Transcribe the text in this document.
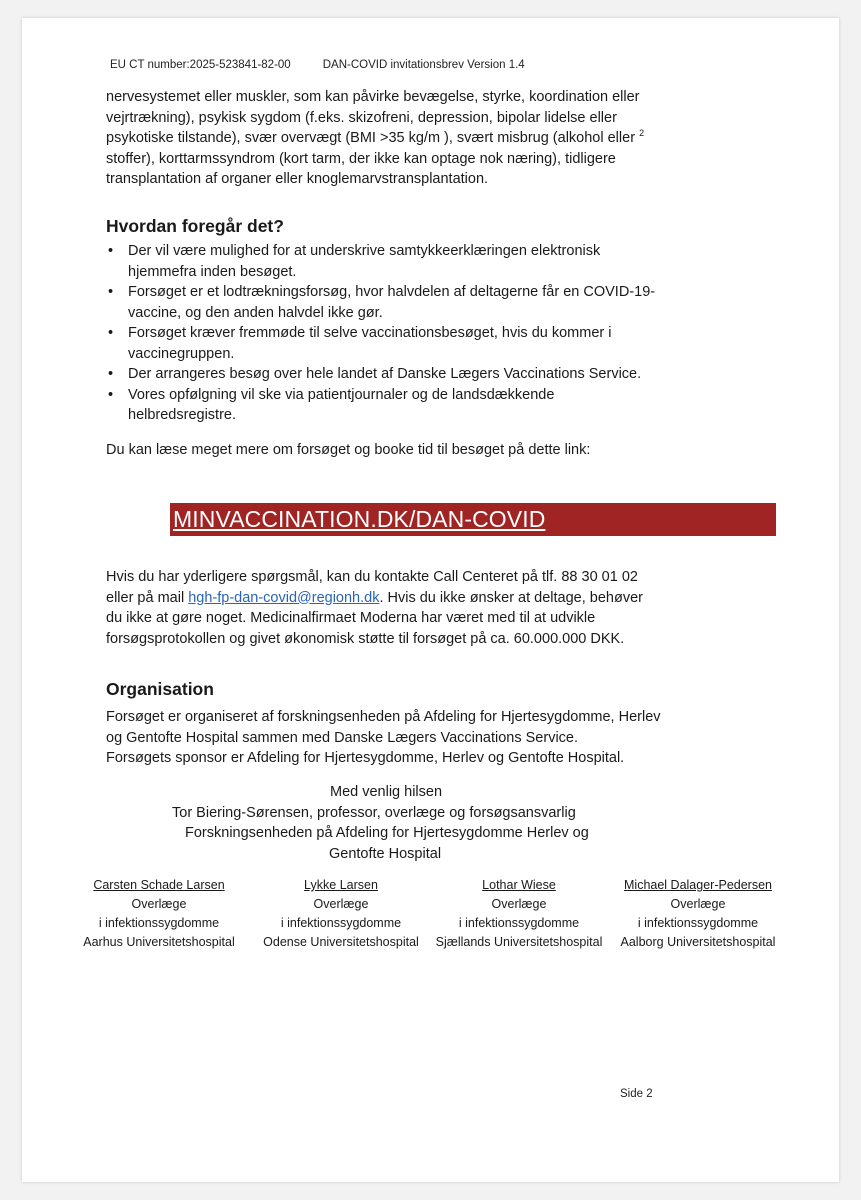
EU CT number:2025-523841-82-00	DAN-COVID invitationsbrev Version 1.4
nervesystemet eller muskler, som kan påvirke bevægelse, styrke, koordination eller
vejrtrækning), psykisk sygdom (f.eks. skizofreni, depression, bipolar lidelse eller
psykotiske tilstande), svær overvægt (BMI >35 kg/m ), svært misbrug (alkohol eller $^2$
stoffer), korttarmssyndrom (kort tarm, der ikke kan optage nok næring), tidligere
transplantation af organer eller knoglemarvstransplantation.
Hvordan foregår det?
• Der vil være mulighed for at underskrive samtykkeerklæringen elektronisk
hjemmefra inden besøget.
• Forsøget er et lodtrækningsforsøg, hvor halvdelen af deltagerne får en COVID-19-
vaccine, og den anden halvdel ikke gør.
• Forsøget kræver fremmøde til selve vaccinationsbesøget, hvis du kommer i
vaccinegruppen.
• Der arrangeres besøg over hele landet af Danske Lægers Vaccinations Service.
• Vores opfølgning vil ske via patientjournaler og de landsdækkende
helbredsregistre.
Du kan læse meget mere om forsøget og booke tid til besøget på dette link:
MINVACCINATION.DK/DAN-COVID
Hvis du har yderligere spørgsmål, kan du kontakte Call Centeret på tlf. 88 30 01 02
eller på mail hgh-fp-dan-covid@regionh.dk. Hvis du ikke ønsker at deltage, behøver
du ikke at gøre noget. Medicinalfirmaet Moderna har været med til at udvikle
forsøgsprotokollen og givet økonomisk støtte til forsøget på ca. 60.000.000 DKK.
Organisation
Forsøget er organiseret af forskningsenheden på Afdeling for Hjertesygdomme, Herlev
og Gentofte Hospital sammen med Danske Lægers Vaccinations Service.
Forsøgets sponsor er Afdeling for Hjertesygdomme, Herlev og Gentofte Hospital.
Med venlig hilsen
Tor Biering-Sørensen, professor, overlæge og forsøgsansvarlig
Forskningsenheden på Afdeling for Hjertesygdomme Herlev og
Gentofte Hospital
Carsten Schade Larsen
Overlæge
i infektionssygdomme
Aarhus Universitetshospital
Lykke Larsen
Overlæge
i infektionssygdomme
Odense Universitetshospital
Lothar Wiese
Overlæge
i infektionssygdomme
Sjællands Universitetshospital
Michael Dalager-Pedersen
Overlæge
i infektionssygdomme
Aalborg Universitetshospital
Side 2
